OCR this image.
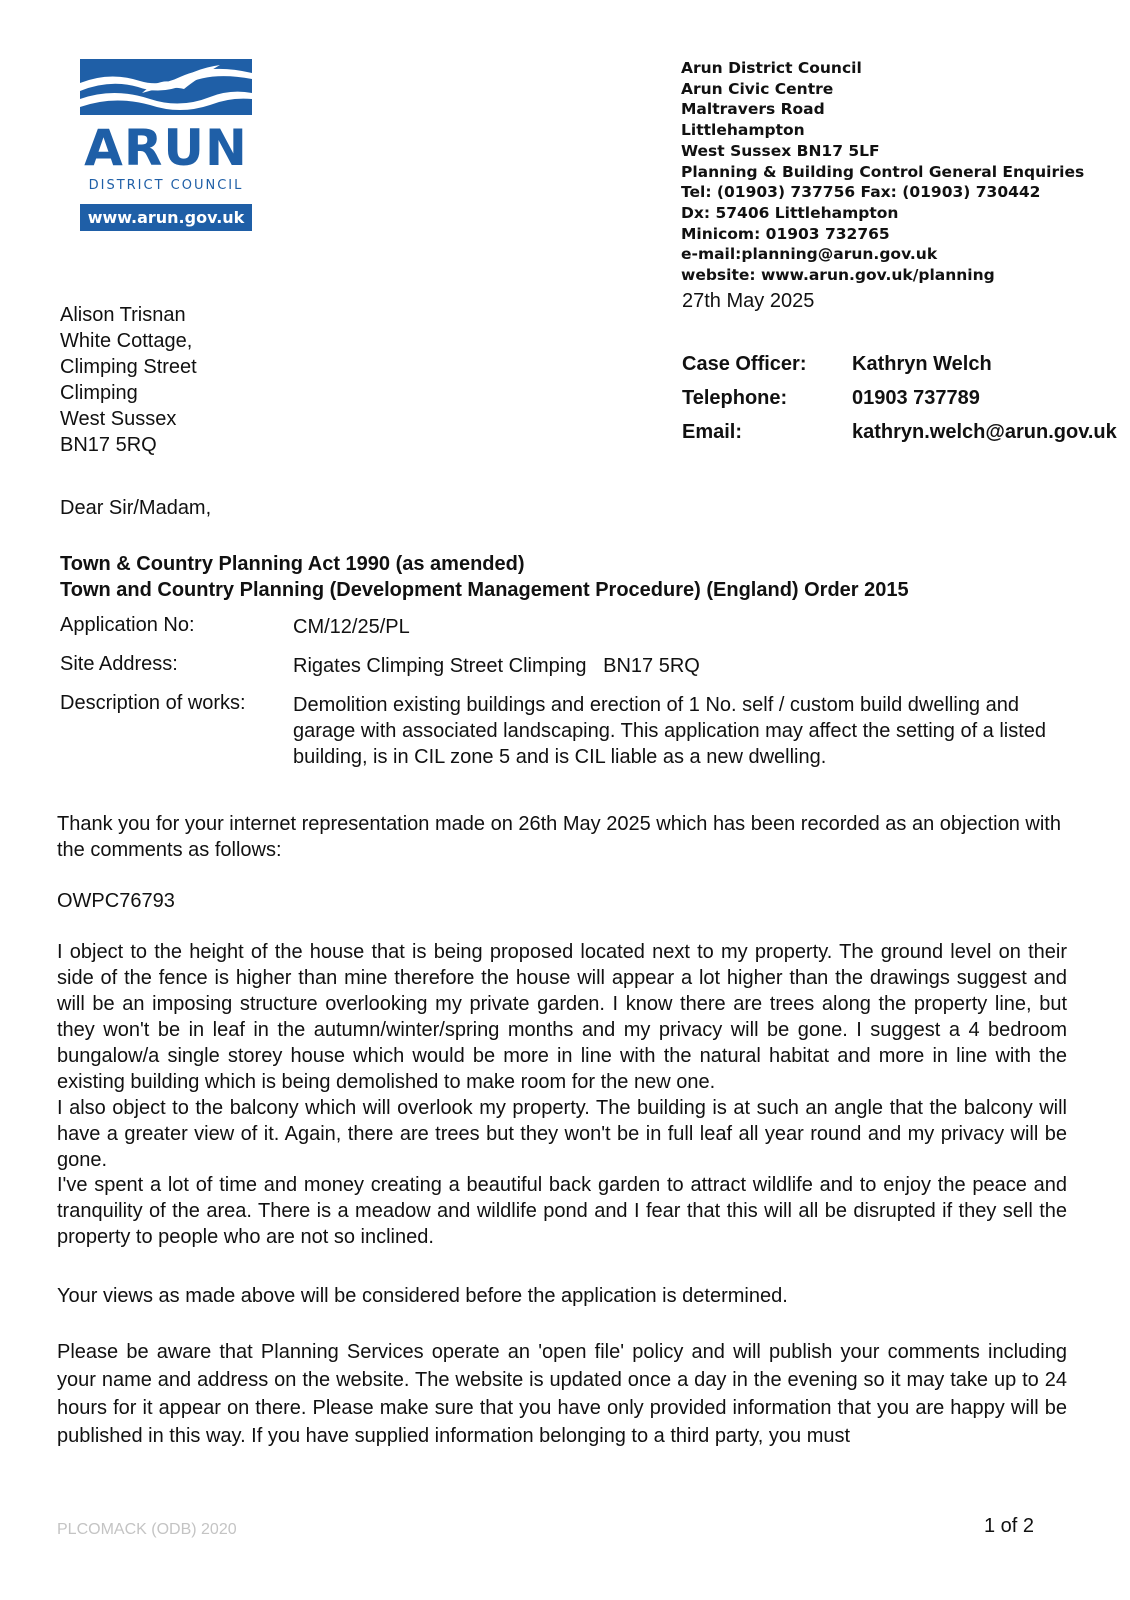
ARUN
DISTRICT COUNCIL
www.arun.gov.uk
Arun District Council
Arun Civic Centre
Maltravers Road
Littlehampton
West Sussex BN17 5LF
Planning & Building Control General Enquiries
Tel: (01903) 737756 Fax: (01903) 730442
Dx: 57406 Littlehampton
Minicom: 01903 732765
e-mail:planning@arun.gov.uk
website: www.arun.gov.uk/planning
27th May 2025
Alison Trisnan
White Cottage,
Climping Street
Climping
West Sussex
BN17 5RQ
Case Officer: Kathryn Welch
Telephone:	01903 737789
Email:	kathryn.welch@arun.gov.uk
Dear Sir/Madam,
Town & Country Planning Act 1990 (as amended)
Town and Country Planning (Development Management Procedure) (England) Order 2015
Application No:	CM/12/25/PL
Site Address:	Rigates Climping Street Climping   BN17 5RQ
Description of works: Demolition existing buildings and erection of 1 No. self / custom build dwelling and garage with associated landscaping. This application may affect the setting of a listed building, is in CIL zone 5 and is CIL liable as a new dwelling.
Thank you for your internet representation made on 26th May 2025 which has been recorded as an objection with the comments as follows:
OWPC76793
I object to the height of the house that is being proposed located next to my property. The ground level on their side of the fence is higher than mine therefore the house will appear a lot higher than the drawings suggest and will be an imposing structure overlooking my private garden. I know there are trees along the property line, but they won't be in leaf in the autumn/winter/spring months and my privacy will be gone. I suggest a 4 bedroom bungalow/a single storey house which would be more in line with the natural habitat and more in line with the existing building which is being demolished to make room for the new one.
I also object to the balcony which will overlook my property. The building is at such an angle that the balcony will have a greater view of it. Again, there are trees but they won't be in full leaf all year round and my privacy will be gone.
I've spent a lot of time and money creating a beautiful back garden to attract wildlife and to enjoy the peace and tranquility of the area. There is a meadow and wildlife pond and I fear that this will all be disrupted if they sell the property to people who are not so inclined.
Your views as made above will be considered before the application is determined.
Please be aware that Planning Services operate an 'open file' policy and will publish your comments including your name and address on the website. The website is updated once a day in the evening so it may take up to 24 hours for it appear on there. Please make sure that you have only provided information that you are happy will be published in this way. If you have supplied information belonging to a third party, you must
PLCOMACK (ODB) 2020	1 of 2
